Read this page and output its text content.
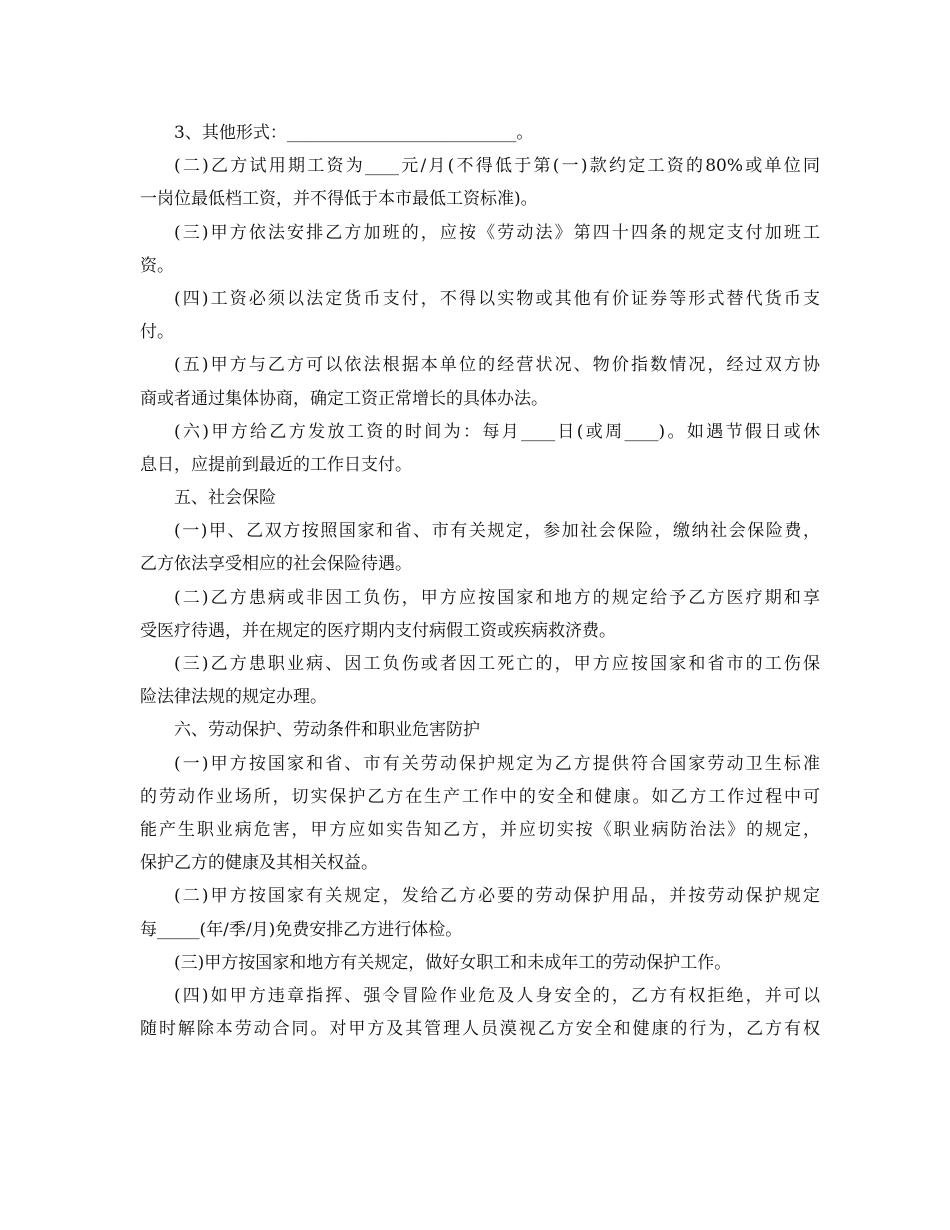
3、其他形式：___________________________。
(二)乙方试用期工资为____元/月(不得低于第(一)款约定工资的80%或单位同
一岗位最低档工资，并不得低于本市最低工资标准)。
(三)甲方依法安排乙方加班的，应按《劳动法》第四十四条的规定支付加班工
资。
(四)工资必须以法定货币支付，不得以实物或其他有价证券等形式替代货币支
付。
(五)甲方与乙方可以依法根据本单位的经营状况、物价指数情况，经过双方协
商或者通过集体协商，确定工资正常增长的具体办法。
(六)甲方给乙方发放工资的时间为：每月____日(或周____)。如遇节假日或休
息日，应提前到最近的工作日支付。
五、社会保险
(一)甲、乙双方按照国家和省、市有关规定，参加社会保险，缴纳社会保险费，
乙方依法享受相应的社会保险待遇。
(二)乙方患病或非因工负伤，甲方应按国家和地方的规定给予乙方医疗期和享
受医疗待遇，并在规定的医疗期内支付病假工资或疾病救济费。
(三)乙方患职业病、因工负伤或者因工死亡的，甲方应按国家和省市的工伤保
险法律法规的规定办理。
六、劳动保护、劳动条件和职业危害防护
(一)甲方按国家和省、市有关劳动保护规定为乙方提供符合国家劳动卫生标准
的劳动作业场所，切实保护乙方在生产工作中的安全和健康。如乙方工作过程中可
能产生职业病危害，甲方应如实告知乙方，并应切实按《职业病防治法》的规定，
保护乙方的健康及其相关权益。
(二)甲方按国家有关规定，发给乙方必要的劳动保护用品，并按劳动保护规定
每_____(年/季/月)免费安排乙方进行体检。
(三)甲方按国家和地方有关规定，做好女职工和未成年工的劳动保护工作。
(四)如甲方违章指挥、强令冒险作业危及人身安全的，乙方有权拒绝，并可以
随时解除本劳动合同。对甲方及其管理人员漠视乙方安全和健康的行为，乙方有权
